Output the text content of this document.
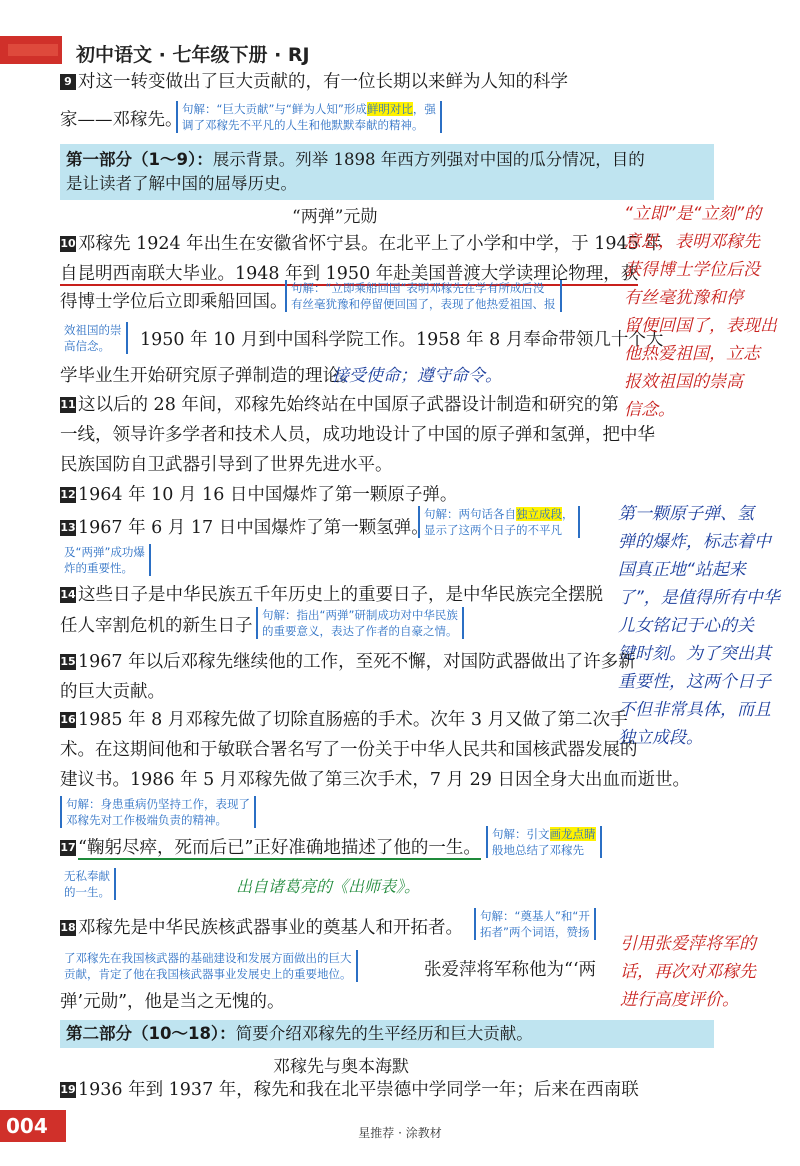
初中语文 · 七年级下册 · RJ
9 对这一转变做出了巨大贡献的，有一位长期以来鲜为人知的科学
家——邓稼先。
句解：“巨大贡献”与“鲜为人知”形成鲜明对比，强
调了邓稼先不平凡的人生和他默默奉献的精神。
第一部分（1～9）：展示背景。列举 1898 年西方列强对中国的瓜分情况，目的
是让读者了解中国的屈辱历史。
“两弹”元勋
10 邓稼先 1924 年出生在安徽省怀宁县。在北平上了小学和中学，于 1945 年
自昆明西南联大毕业。1948 年到 1950 年赴美国普渡大学读理论物理，获
得博士学位后立即乘船回国。
句解：“立即乘船回国”表明邓稼先在学有所成后没
有丝毫犹豫和停留便回国了，表现了他热爱祖国、报
效祖国的崇
高信念。	1950 年 10 月到中国科学院工作。1958 年 8 月奉命带领几十个大
学毕业生开始研究原子弹制造的理论。
接受使命；遵守命令。
“立即”是“立刻”的
意思，表明邓稼先
获得博士学位后没
有丝毫犹豫和停
留便回国了，表现出
他热爱祖国，立志
报效祖国的崇高
信念。
11 这以后的 28 年间，邓稼先始终站在中国原子武器设计制造和研究的第
一线，领导许多学者和技术人员，成功地设计了中国的原子弹和氢弹，把中华
民族国防自卫武器引导到了世界先进水平。
12 1964 年 10 月 16 日中国爆炸了第一颗原子弹。
13 1967 年 6 月 17 日中国爆炸了第一颗氢弹。
句解：两句话各自独立成段，
显示了这两个日子的不平凡
及“两弹”成功爆
炸的重要性。
第一颗原子弹、氢
弹的爆炸，标志着中
国真正地“站起来
了”，是值得所有中华
儿女铭记于心的关
键时刻。为了突出其
重要性，这两个日子
不但非常具体，而且
独立成段。
14 这些日子是中华民族五千年历史上的重要日子，是中华民族完全摆脱
任人宰割危机的新生日子！
句解：指出“两弹”研制成功对中华民族
的重要意义，表达了作者的自豪之情。
15 1967 年以后邓稼先继续他的工作，至死不懈，对国防武器做出了许多新
的巨大贡献。
16 1985 年 8 月邓稼先做了切除直肠癌的手术。次年 3 月又做了第二次手
术。在这期间他和于敏联合署名写了一份关于中华人民共和国核武器发展的
建议书。1986 年 5 月邓稼先做了第三次手术，7 月 29 日因全身大出血而逝世。
句解：身患重病仍坚持工作，表现了
邓稼先对工作极端负责的精神。
17 “鞠躬尽瘁，死而后已”正好准确地描述了他的一生。
句解：引文画龙点睛
般地总结了邓稼先
无私奉献
的一生。	出自诸葛亮的《出师表》。
18 邓稼先是中华民族核武器事业的奠基人和开拓者。
句解：“奠基人”和“开
拓者”两个词语，赞扬
了邓稼先在我国核武器的基础建设和发展方面做出的巨大
贡献，肯定了他在我国核武器事业发展史上的重要地位。	张爱萍将军称他为“‘两
弹’元勋”，他是当之无愧的。
引用张爱萍将军的
话，再次对邓稼先
进行高度评价。
第二部分（10～18）：简要介绍邓稼先的生平经历和巨大贡献。
邓稼先与奥本海默
19 1936 年到 1937 年，稼先和我在北平崇德中学同学一年；后来在西南联
004	星推荐 · 涂教材
